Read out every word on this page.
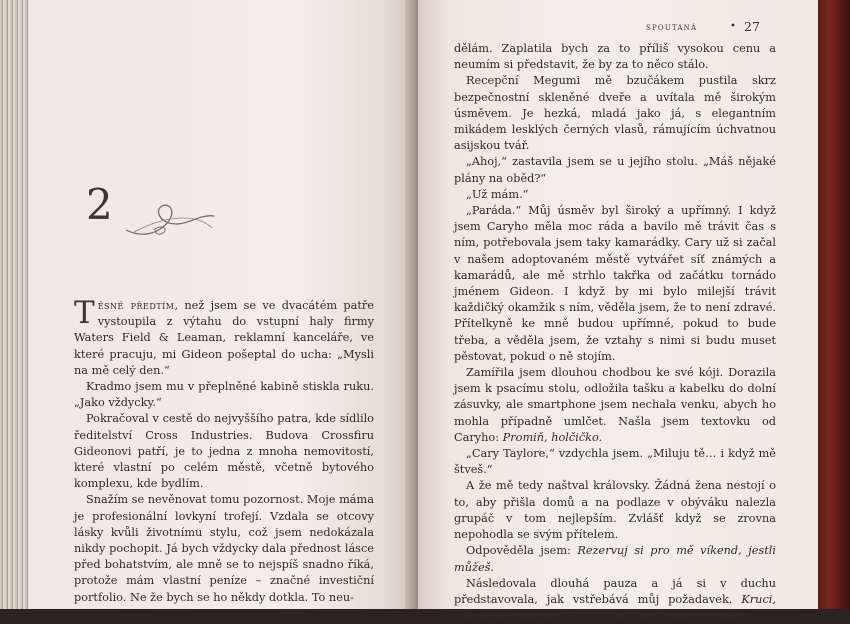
2

Těsně předtím, než jsem se ve dvacátém patře vystoupila z výtahu do vstupní haly firmy Waters Field & Leaman, reklamní kanceláře, ve které pracuju, mi Gideon pošeptal do ucha: „Mysli na mě celý den.“

Kradmo jsem mu v přeplněné kabině stiskla ruku. „Jako vždycky.“

Pokračoval v cestě do nejvyššího patra, kde sídlilo ředitelství Cross Industries. Budova Crossfiru Gideonovi patří, je to jedna z mnoha nemovitostí, které vlastní po celém městě, včetně bytového komplexu, kde bydlím.

Snažím se nevěnovat tomu pozornost. Moje máma je profesionální lovkyní trofejí. Vzdala se otcovy lásky kvůli životnímu stylu, což jsem nedokázala nikdy pochopit. Já bych vždycky dala přednost lásce před bohatstvím, ale mně se to nejspíš snadno říká, protože mám vlastní peníze – značné investiční portfolio. Ne že bych se ho někdy dotkla. To neu-

spoutaná	• 27

dělám. Zaplatila bych za to příliš vysokou cenu a neumím si představit, že by za to něco stálo.

Recepční Megumi mě bzučákem pustila skrz bezpečnostní skleněné dveře a uvítala mě širokým úsměvem. Je hezká, mladá jako já, s elegantním mikádem lesklých černých vlasů, rámujícím úchvatnou asijskou tvář.

„Ahoj,“ zastavila jsem se u jejího stolu. „Máš nějaké plány na oběd?“

„Už mám.“

„Paráda.“ Můj úsměv byl široký a upřímný. I když jsem Caryho měla moc ráda a bavilo mě trávit čas s ním, potřebovala jsem taky kamarádky. Cary už si začal v našem adoptovaném městě vytvářet síť známých a kamarádů, ale mě strhlo takřka od začátku tornádo jménem Gideon. I když by mi bylo milejší trávit každičký okamžik s ním, věděla jsem, že to není zdravé. Přítelkyně ke mně budou upřímné, pokud to bude třeba, a věděla jsem, že vztahy s nimi si budu muset pěstovat, pokud o ně stojím.

Zamířila jsem dlouhou chodbou ke své kóji. Dorazila jsem k psacímu stolu, odložila tašku a kabelku do dolní zásuvky, ale smartphone jsem nechala venku, abych ho mohla případně umlčet. Našla jsem textovku od Caryho: Promiň, holčičko.

„Cary Taylore,“ vzdychla jsem. „Miluju tě… i když mě štveš.“

A že mě tedy naštval královsky. Žádná žena nestojí o to, aby přišla domů a na podlaze v obýváku nalezla grupáč v tom nejlepším. Zvlášť když se zrovna nepohodla se svým přítelem.

Odpověděla jsem: Rezervuj si pro mě víkend, jestli můžeš.

Následovala dlouhá pauza a já si v duchu představovala, jak vstřebává můj požadavek. Kruci, odpověděl nakonec. Určitě mi chceš nakopat zadek.
